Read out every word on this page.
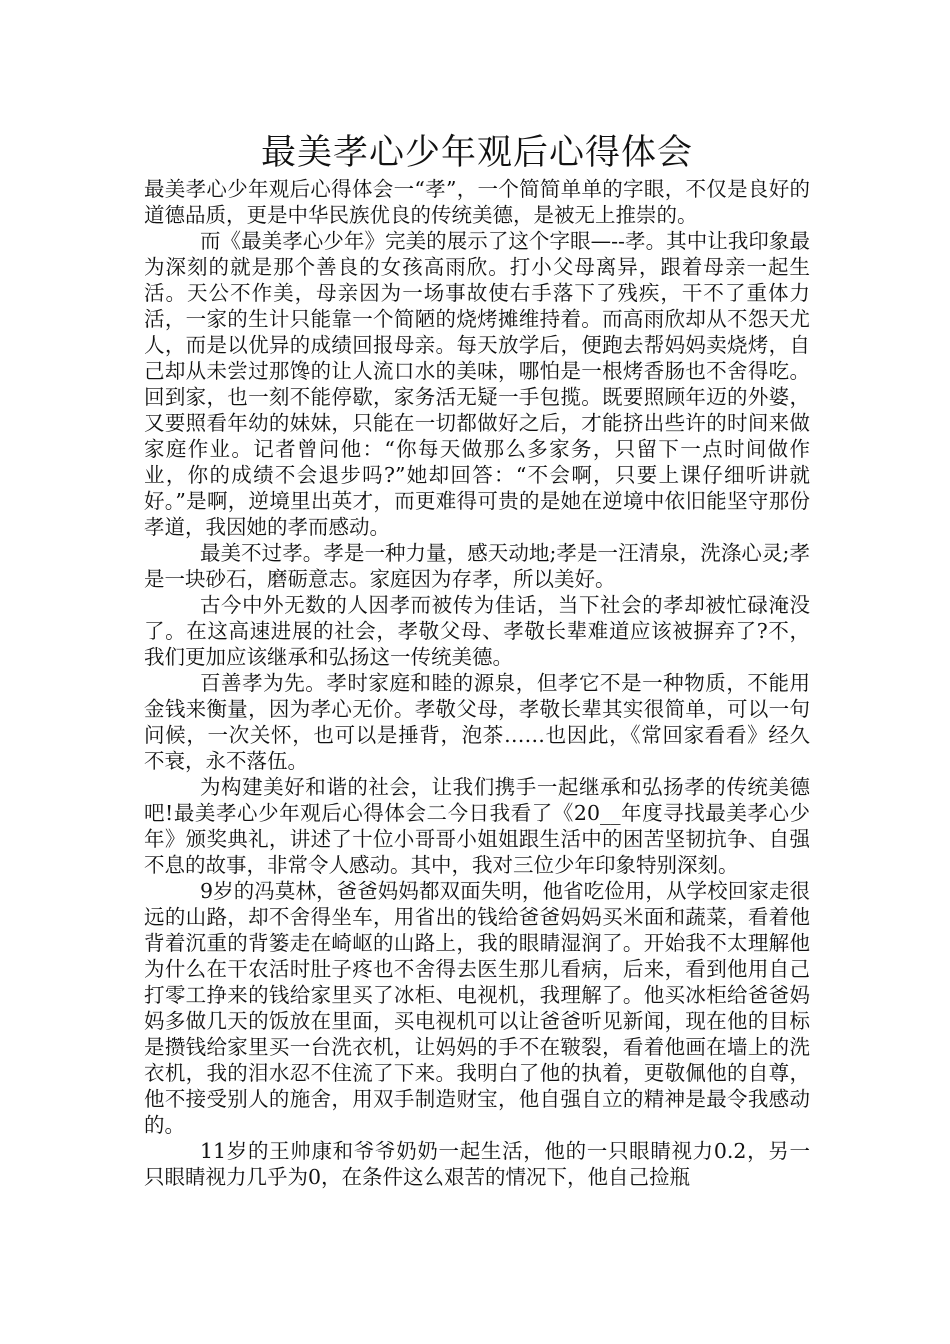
最美孝心少年观后心得体会

最美孝心少年观后心得体会一“孝”，一个简简单单的字眼，不仅是良好的道德品质，更是中华民族优良的传统美德，是被无上推崇的。

而《最美孝心少年》完美的展示了这个字眼—--孝。其中让我印象最为深刻的就是那个善良的女孩高雨欣。打小父母离异，跟着母亲一起生活。天公不作美，母亲因为一场事故使右手落下了残疾，干不了重体力活，一家的生计只能靠一个简陋的烧烤摊维持着。而高雨欣却从不怨天尤人，而是以优异的成绩回报母亲。每天放学后，便跑去帮妈妈卖烧烤，自己却从未尝过那馋的让人流口水的美味，哪怕是一根烤香肠也不舍得吃。回到家，也一刻不能停歇，家务活无疑一手包揽。既要照顾年迈的外婆，又要照看年幼的妹妹，只能在一切都做好之后，才能挤出些许的时间来做家庭作业。记者曾问他：“你每天做那么多家务，只留下一点时间做作业，你的成绩不会退步吗?”她却回答：“不会啊，只要上课仔细听讲就好。”是啊，逆境里出英才，而更难得可贵的是她在逆境中依旧能坚守那份孝道，我因她的孝而感动。

最美不过孝。孝是一种力量，感天动地;孝是一汪清泉，洗涤心灵;孝是一块砂石，磨砺意志。家庭因为存孝，所以美好。

古今中外无数的人因孝而被传为佳话，当下社会的孝却被忙碌淹没了。在这高速进展的社会，孝敬父母、孝敬长辈难道应该被摒弃了?不，我们更加应该继承和弘扬这一传统美德。

百善孝为先。孝时家庭和睦的源泉，但孝它不是一种物质，不能用金钱来衡量，因为孝心无价。孝敬父母，孝敬长辈其实很简单，可以一句问候，一次关怀，也可以是捶背，泡茶……也因此，《常回家看看》经久不衰，永不落伍。

为构建美好和谐的社会，让我们携手一起继承和弘扬孝的传统美德吧!最美孝心少年观后心得体会二今日我看了《20__年度寻找最美孝心少年》颁奖典礼，讲述了十位小哥哥小姐姐跟生活中的困苦坚韧抗争、自强不息的故事，非常令人感动。其中，我对三位少年印象特别深刻。

9岁的冯莫林，爸爸妈妈都双面失明，他省吃俭用，从学校回家走很远的山路，却不舍得坐车，用省出的钱给爸爸妈妈买米面和蔬菜，看着他背着沉重的背篓走在崎岖的山路上，我的眼睛湿润了。开始我不太理解他为什么在干农活时肚子疼也不舍得去医生那儿看病，后来，看到他用自己打零工挣来的钱给家里买了冰柜、电视机，我理解了。他买冰柜给爸爸妈妈多做几天的饭放在里面，买电视机可以让爸爸听见新闻，现在他的目标是攒钱给家里买一台洗衣机，让妈妈的手不在皲裂，看着他画在墙上的洗衣机，我的泪水忍不住流了下来。我明白了他的执着，更敬佩他的自尊，他不接受别人的施舍，用双手制造财宝，他自强自立的精神是最令我感动的。

11岁的王帅康和爷爷奶奶一起生活，他的一只眼睛视力0.2，另一只眼睛视力几乎为0，在条件这么艰苦的情况下，他自己捡瓶
